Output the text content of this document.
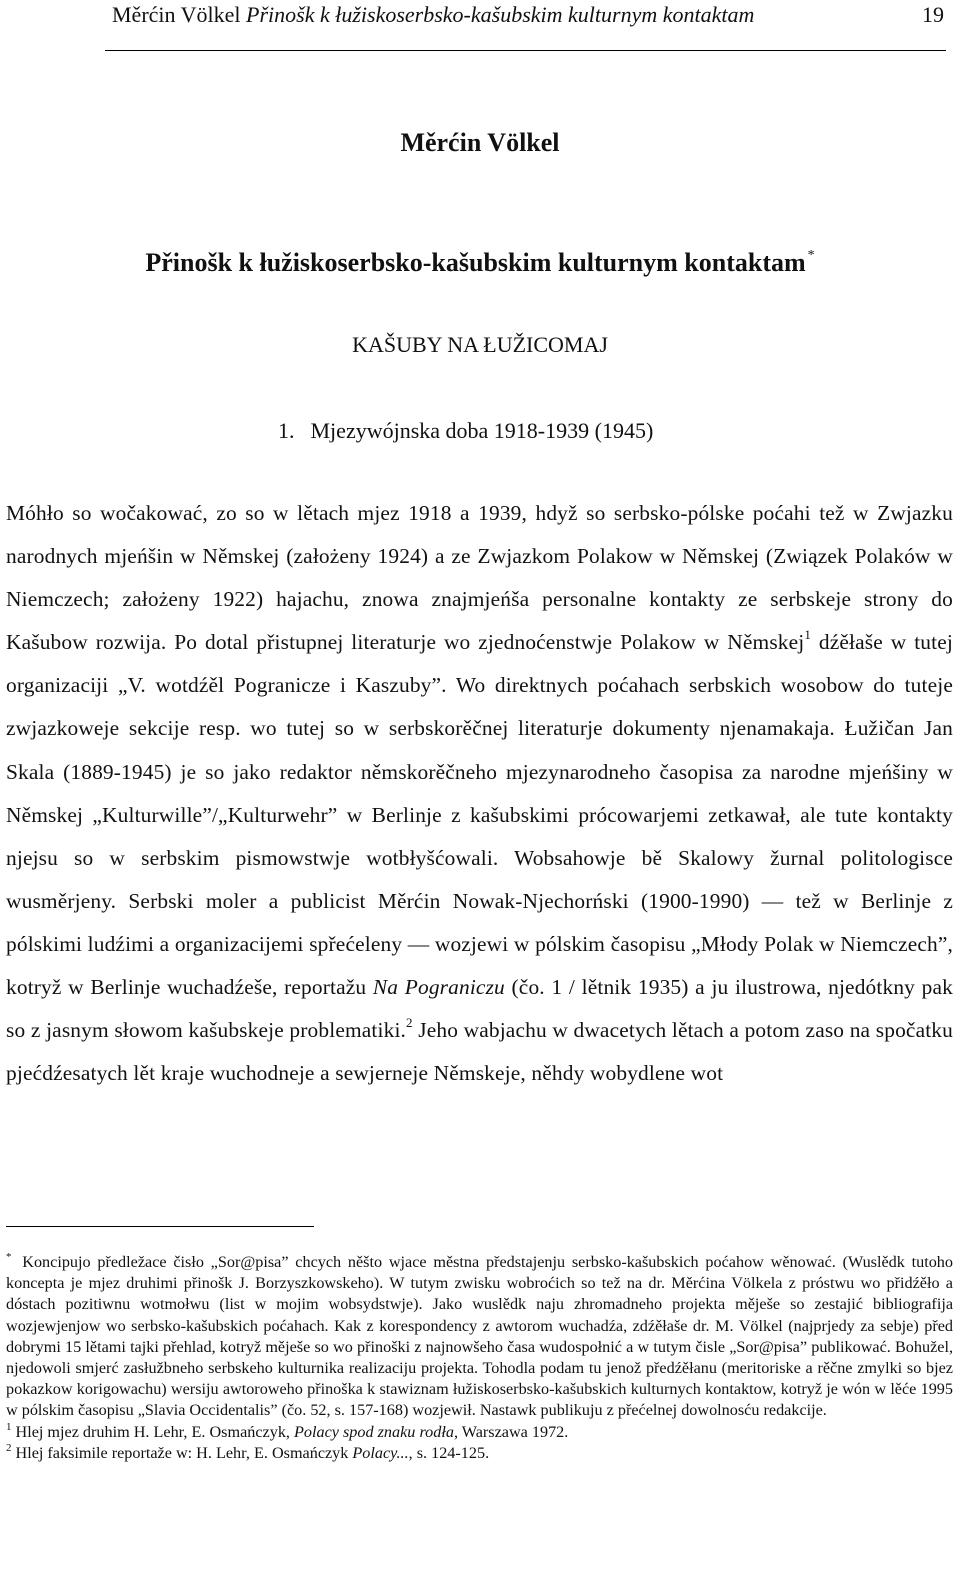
Měrćin Völkel Přinošk k łužiskoserbsko-kašubskim kulturnym kontaktam	19
Měrćin Völkel
Přinošk k łužiskoserbsko-kašubskim kulturnym kontaktam *
KAŠUBY NA ŁUŽICOMAJ
1. Mjezywójnska doba 1918-1939 (1945)
Móhło so wočakować, zo so w lětach mjez 1918 a 1939, hdyž so serbsko-pólske poćahi tež w Zwjazku narodnych mjeńšin w Němskej (założeny 1924) a ze Zwjazkom Polakow w Němskej (Związek Polaków w Niemczech; założeny 1922) hajachu, znowa znajmjeńša personalne kontakty ze serbskeje strony do Kašubow rozwija. Po dotal přistupnej literaturje wo zjednoćenstwje Polakow w Němskej$^1$ dźěłaše w tutej organizaciji „V. wotdźěl Pogranicze i Kaszuby”. Wo direktnych poćahach serbskich wosobow do tuteje zwjazkoweje sekcije resp. wo tutej so w serbskorěčnej literaturje dokumenty njenamakaja. Łužičan Jan Skala (1889-1945) je so jako redaktor němskorěčneho mjezynarodneho časopisa za narodne mjeńšiny w Němskej „Kulturwille”/„Kulturwehr” w Berlinje z kašubskimi prócowarjemi zetkawał, ale tute kontakty njejsu so w serbskim pismowstwje wotbłyšćowali. Wobsahowje bě Skalowy žurnal politologisce wusměrjeny. Serbski moler a publicist Měrćin Nowak-Njechorński (1900-1990) — tež w Berlinje z pólskimi ludźimi a organizacijemi spřećeleny — wozjewi w pólskim časopisu „Młody Polak w Niemczech”, kotryž w Berlinje wuchadźeše, reportažu Na Pograniczu (čo. 1 / lětnik 1935) a ju ilustrowa, njedótkny pak so z jasnym słowom kašubskeje problematiki.$^2$ Jeho wabjachu w dwacetych lětach a potom zaso na spočatku pjećdźesatych lět kraje wuchodneje a sewjerneje Němskeje, něhdy wobydlene wot

* Koncipujo předležace čisło „Sor@pisa” chcych něšto wjace městna předstajenju serbsko-kašubskich poćahow wěnować. (Wuslědk tutoho koncepta je mjez druhimi přinošk J. Borzyszkowskeho). W tutym zwisku wobroćich so tež na dr. Měrćina Völkela z próstwu wo přidźěło a dóstach pozitiwnu wotmołwu (list w mojim wobsydstwje). Jako wuslědk naju zhromadneho projekta měješe so zestajić bibliografija wozjewjenjow wo serbsko-kašubskich poćahach. Kak z korespondency z awtorom wuchadźa, zdźěłaše dr. M. Völkel (najprjedy za sebje) před dobrymi 15 lětami tajki přehlad, kotryž měješe so wo přinoški z najnowšeho časa wudospołnić a w tutym čisle „Sor@pisa” publikować. Bohužel, njedowoli smjerć zasłužbneho serbskeho kulturnika realizaciju projekta. Tohodla podam tu jenož předźěłanu (meritoriske a rěčne zmylki so bjez pokazkow korigowachu) wersiju awtoroweho přinoška k stawiznam łužiskoserbsko-kašubskich kulturnych kontaktow, kotryž je wón w lěće 1995 w pólskim časopisu „Slavia Occidentalis” (čo. 52, s. 157-168) wozjewił. Nastawk publikuju z přećelnej dowolnosću redakcije.

$^1$ Hlej mjez druhim H. Lehr, E. Osmańczyk, Polacy spod znaku rodła, Warszawa 1972.

$^2$ Hlej faksimile reportaže w: H. Lehr, E. Osmańczyk Polacy..., s. 124-125.
